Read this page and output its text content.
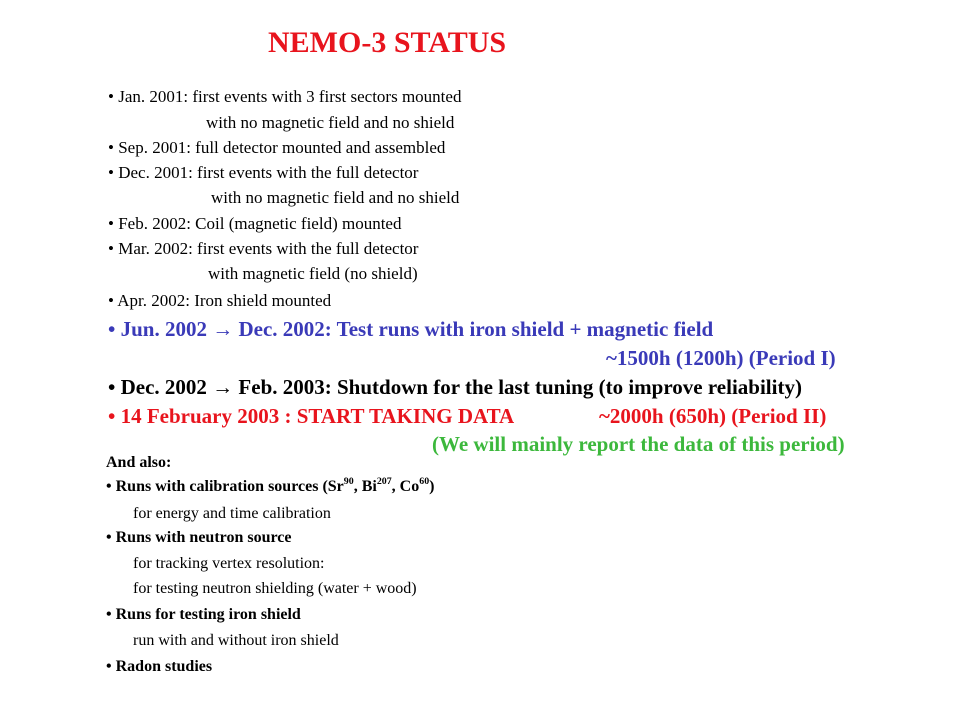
NEMO-3 STATUS
• Jan. 2001: first events with 3 first sectors mounted
with no magnetic field and no shield
• Sep. 2001: full detector mounted and assembled
• Dec. 2001: first events with the full detector
with no magnetic field and no shield
• Feb. 2002: Coil (magnetic field) mounted
• Mar. 2002: first events with the full detector
with magnetic field (no shield)
• Apr. 2002: Iron shield mounted
• Jun. 2002 → Dec. 2002: Test runs with iron shield + magnetic field
~1500h (1200h) (Period I)
• Dec. 2002 → Feb. 2003: Shutdown for the last tuning (to improve reliability)
• 14 February 2003 : START TAKING DATA	~2000h (650h) (Period II)
(We will mainly report the data of this period)
And also:
• Runs with calibration sources (Sr$^{90}$, Bi$^{207}$, Co$^{60}$)
for energy and time calibration
• Runs with neutron source
for tracking vertex resolution:
for testing neutron shielding (water + wood)
• Runs for testing iron shield
run with and without iron shield
• Radon studies
